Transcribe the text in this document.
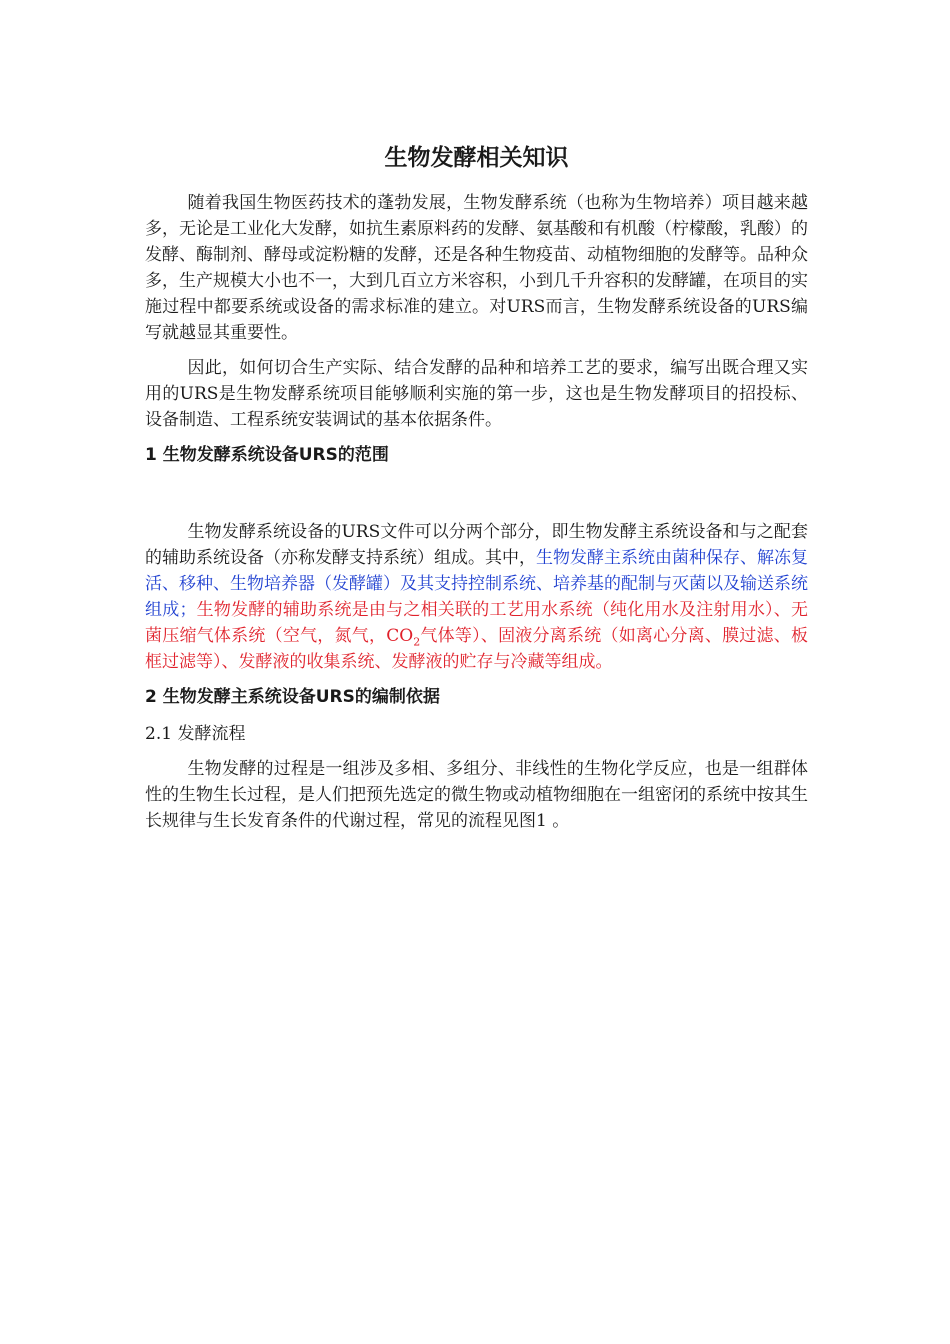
生物发酵相关知识

随着我国生物医药技术的蓬勃发展，生物发酵系统（也称为生物培养）项目越来越多，无论是工业化大发酵，如抗生素原料药的发酵、氨基酸和有机酸（柠檬酸，乳酸）的发酵、酶制剂、酵母或淀粉糖的发酵，还是各种生物疫苗、动植物细胞的发酵等。品种众多，生产规模大小也不一，大到几百立方米容积，小到几千升容积的发酵罐，在项目的实施过程中都要系统或设备的需求标准的建立。对URS而言，生物发酵系统设备的URS编写就越显其重要性。

因此，如何切合生产实际、结合发酵的品种和培养工艺的要求，编写出既合理又实用的URS是生物发酵系统项目能够顺利实施的第一步，这也是生物发酵项目的招投标、设备制造、工程系统安装调试的基本依据条件。

1 生物发酵系统设备URS的范围

生物发酵系统设备的URS文件可以分两个部分，即生物发酵主系统设备和与之配套的辅助系统设备（亦称发酵支持系统）组成。其中，生物发酵主系统由菌种保存、解冻复活、移种、生物培养器（发酵罐）及其支持控制系统、培养基的配制与灭菌以及输送系统组成；生物发酵的辅助系统是由与之相关联的工艺用水系统（纯化用水及注射用水）、无菌压缩气体系统（空气，氮气，$CO_2$气体等）、固液分离系统（如离心分离、膜过滤、板框过滤等）、发酵液的收集系统、发酵液的贮存与冷藏等组成。

2 生物发酵主系统设备URS的编制依据
2.1 发酵流程

生物发酵的过程是一组涉及多相、多组分、非线性的生物化学反应，也是一组群体性的生物生长过程，是人们把预先选定的微生物或动植物细胞在一组密闭的系统中按其生长规律与生长发育条件的代谢过程，常见的流程见图1 。
